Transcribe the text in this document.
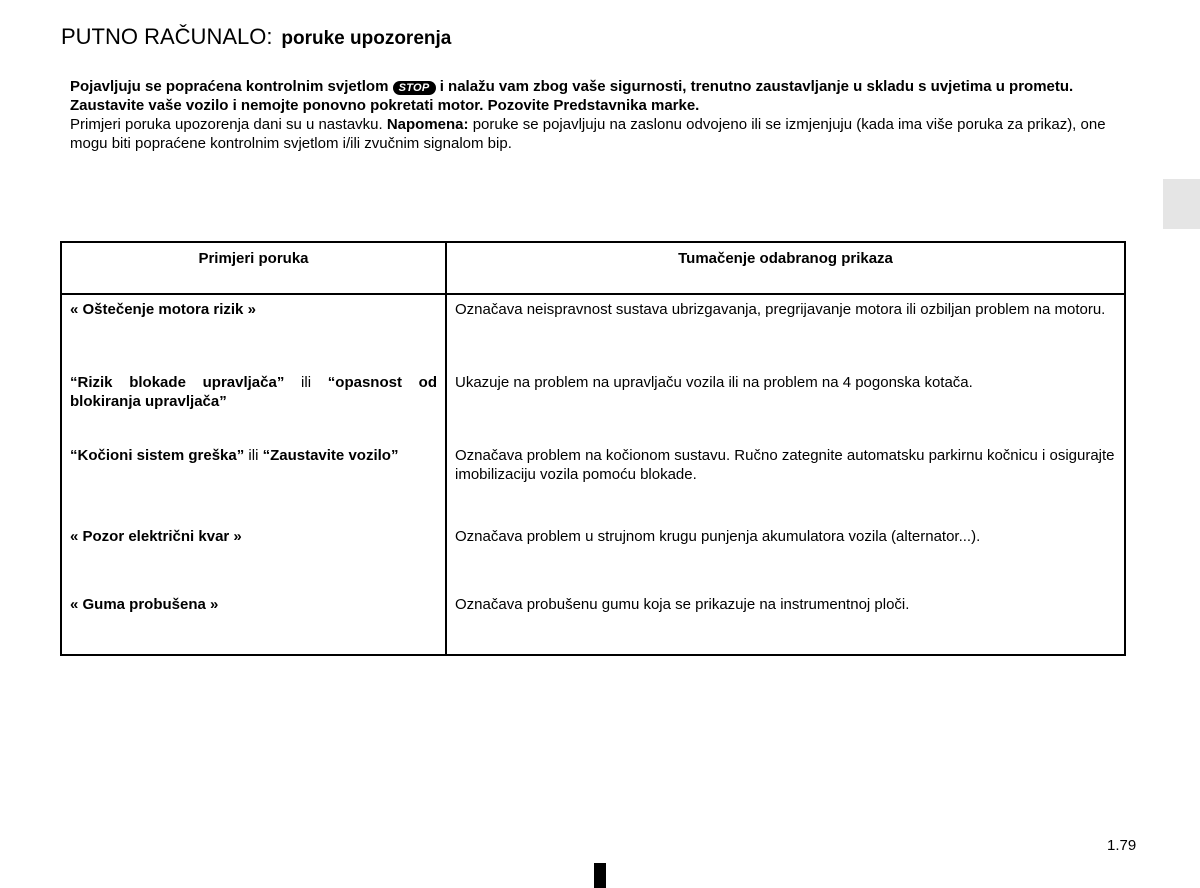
PUTNO RAČUNALO: poruke upozorenja

Pojavljuju se popraćena kontrolnim svjetlom STOP i nalažu vam zbog vaše sigurnosti, trenutno zaustavljanje u skladu s uvjetima u prometu. Zaustavite vaše vozilo i nemojte ponovno pokretati motor. Pozovite Predstavnika marke.

Primjeri poruka upozorenja dani su u nastavku. Napomena: poruke se pojavljuju na zaslonu odvojeno ili se izmjenjuju (kada ima više poruka za prikaz), one mogu biti popraćene kontrolnim svjetlom i/ili zvučnim signalom bip.

Primjeri poruka	Tumačenje odabranog prikaza
« Oštečenje motora rizik »	Označava neispravnost sustava ubrizgavanja, pregrijavanje motora ili ozbiljan problem na motoru.
“Rizik blokade upravljača” ili “opasnost od blokiranja upravljača”	Ukazuje na problem na upravljaču vozila ili na problem na 4 pogonska kotača.
“Kočioni sistem greška” ili “Zaustavite vozilo”	Označava problem na kočionom sustavu. Ručno zategnite automatsku parkirnu kočnicu i osigurajte imobilizaciju vozila pomoću blokade.
« Pozor električni kvar »	Označava problem u strujnom krugu punjenja akumulatora vozila (alternator...).
« Guma probušena »	Označava probušenu gumu koja se prikazuje na instrumentnoj ploči.
1.79
